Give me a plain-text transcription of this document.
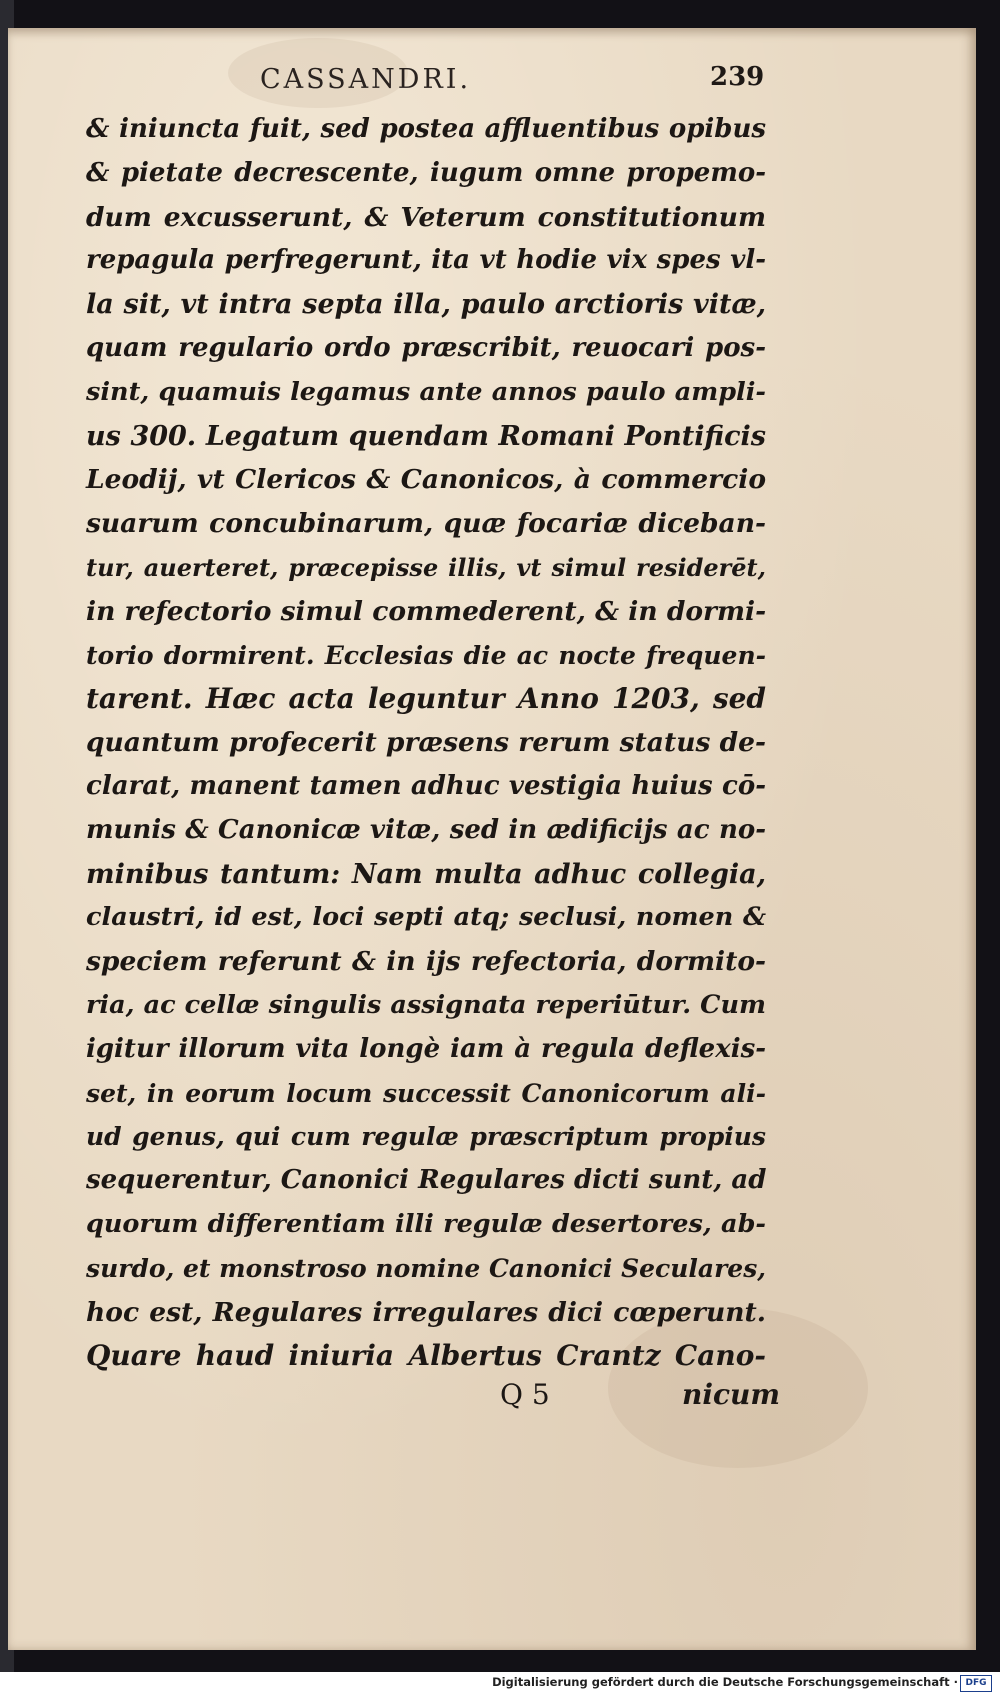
CASSANDRI.	239
& iniuncta fuit, sed postea affluentibus opibus
& pietate decrescente, iugum omne propemo-
dum excusserunt, & Veterum constitutionum
repagula perfregerunt, ita vt hodie vix spes vl-
la sit, vt intra septa illa, paulo arctioris vitæ,
quam regulario ordo præscribit, reuocari pos-
sint, quamuis legamus ante annos paulo ampli-
us 300. Legatum quendam Romani Pontificis
Leodij, vt Clericos & Canonicos, à commercio
suarum concubinarum, quæ focariæ diceban-
tur, auerteret, præcepisse illis, vt simul residerēt,
in refectorio simul commederent, & in dormi-
torio dormirent. Ecclesias die ac nocte frequen-
tarent. Hæc acta leguntur Anno 1203, sed
quantum profecerit præsens rerum status de-
clarat, manent tamen adhuc vestigia huius cō-
munis & Canonicæ vitæ, sed in ædificijs ac no-
minibus tantum: Nam multa adhuc collegia,
claustri, id est, loci septi atq; seclusi, nomen &
speciem referunt & in ijs refectoria, dormito-
ria, ac cellæ singulis assignata reperiūtur. Cum
igitur illorum vita longè iam à regula deflexis-
set, in eorum locum successit Canonicorum ali-
ud genus, qui cum regulæ præscriptum propius
sequerentur, Canonici Regulares dicti sunt, ad
quorum differentiam illi regulæ desertores, ab-
surdo, et monstroso nomine Canonici Seculares,
hoc est, Regulares irregulares dici cœperunt.
Quare haud iniuria Albertus Crantz Cano-
Q 5	nicum
Digitalisierung gefördert durch die Deutsche Forschungsgemeinschaft · DFG
